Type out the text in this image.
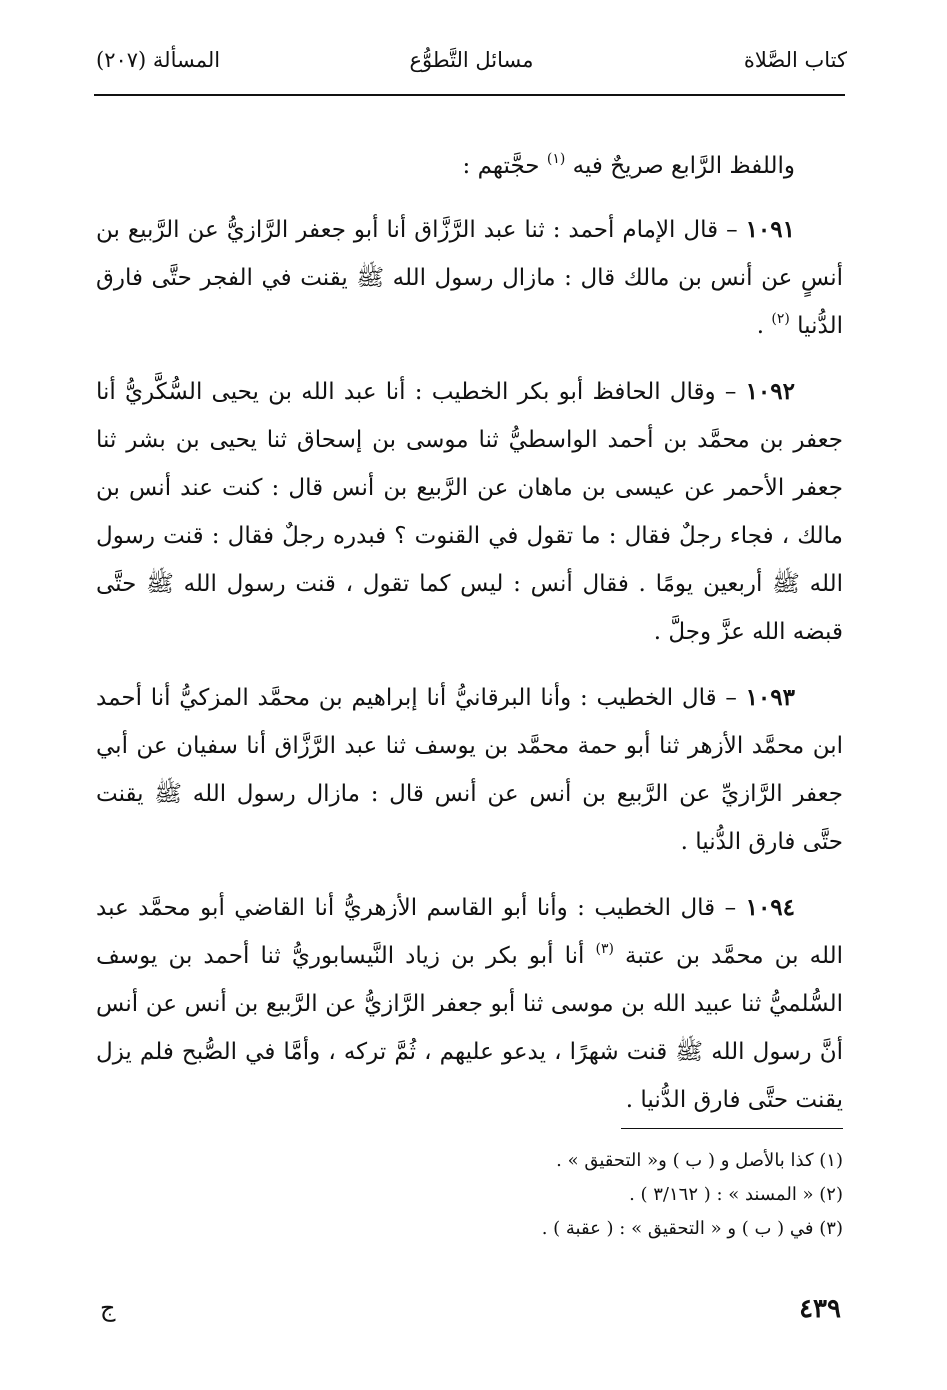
كتاب الصَّلاة
مسائل التَّطوُّع
المسألة (٢٠٧)

واللفظ الرَّابع صريحٌ فيه $^{(١)}$ حجَّتهم :

١٠٩١ – قال الإمام أحمد : ثنا عبد الرَّزَّاق أنا أبو جعفر الرَّازيُّ عن الرَّبيع بن أنسٍ عن أنس بن مالك قال : مازال رسول الله ﷺ يقنت في الفجر حتَّى فارق الدُّنيا $^{(٢)}$ .

١٠٩٢ – وقال الحافظ أبو بكر الخطيب : أنا عبد الله بن يحيى السُّكَّريُّ أنا جعفر بن محمَّد بن أحمد الواسطيُّ ثنا موسى بن إسحاق ثنا يحيى بن بشر ثنا جعفر الأحمر عن عيسى بن ماهان عن الرَّبيع بن أنس قال : كنت عند أنس بن مالك ، فجاء رجلٌ فقال : ما تقول في القنوت ؟ فبدره رجلٌ فقال : قنت رسول الله ﷺ أربعين يومًا . فقال أنس : ليس كما تقول ، قنت رسول الله ﷺ حتَّى قبضه الله عزَّ وجلَّ .

١٠٩٣ – قال الخطيب : وأنا البرقانيُّ أنا إبراهيم بن محمَّد المزكيُّ أنا أحمد ابن محمَّد الأزهر ثنا أبو حمة محمَّد بن يوسف ثنا عبد الرَّزَّاق أنا سفيان عن أبي جعفر الرَّازيِّ عن الرَّبيع بن أنس عن أنس قال : مازال رسول الله ﷺ يقنت حتَّى فارق الدُّنيا .

١٠٩٤ – قال الخطيب : وأنا أبو القاسم الأزهريُّ أنا القاضي أبو محمَّد عبد الله بن محمَّد بن عتبة $^{(٣)}$ أنا أبو بكر بن زياد النَّيسابوريُّ ثنا أحمد بن يوسف السُّلميُّ ثنا عبيد الله بن موسى ثنا أبو جعفر الرَّازيُّ عن الرَّبيع بن أنس عن أنس أنَّ رسول الله ﷺ قنت شهرًا ، يدعو عليهم ، ثُمَّ تركه ، وأمَّا في الصُّبح فلم يزل يقنت حتَّى فارق الدُّنيا .

(١) كذا بالأصل و ( ب ) و« التحقيق » .
(٢) « المسند » : ( ٣/١٦٢ ) .
(٣) في ( ب ) و « التحقيق » : ( عقبة ) .
٤٣٩
ج
